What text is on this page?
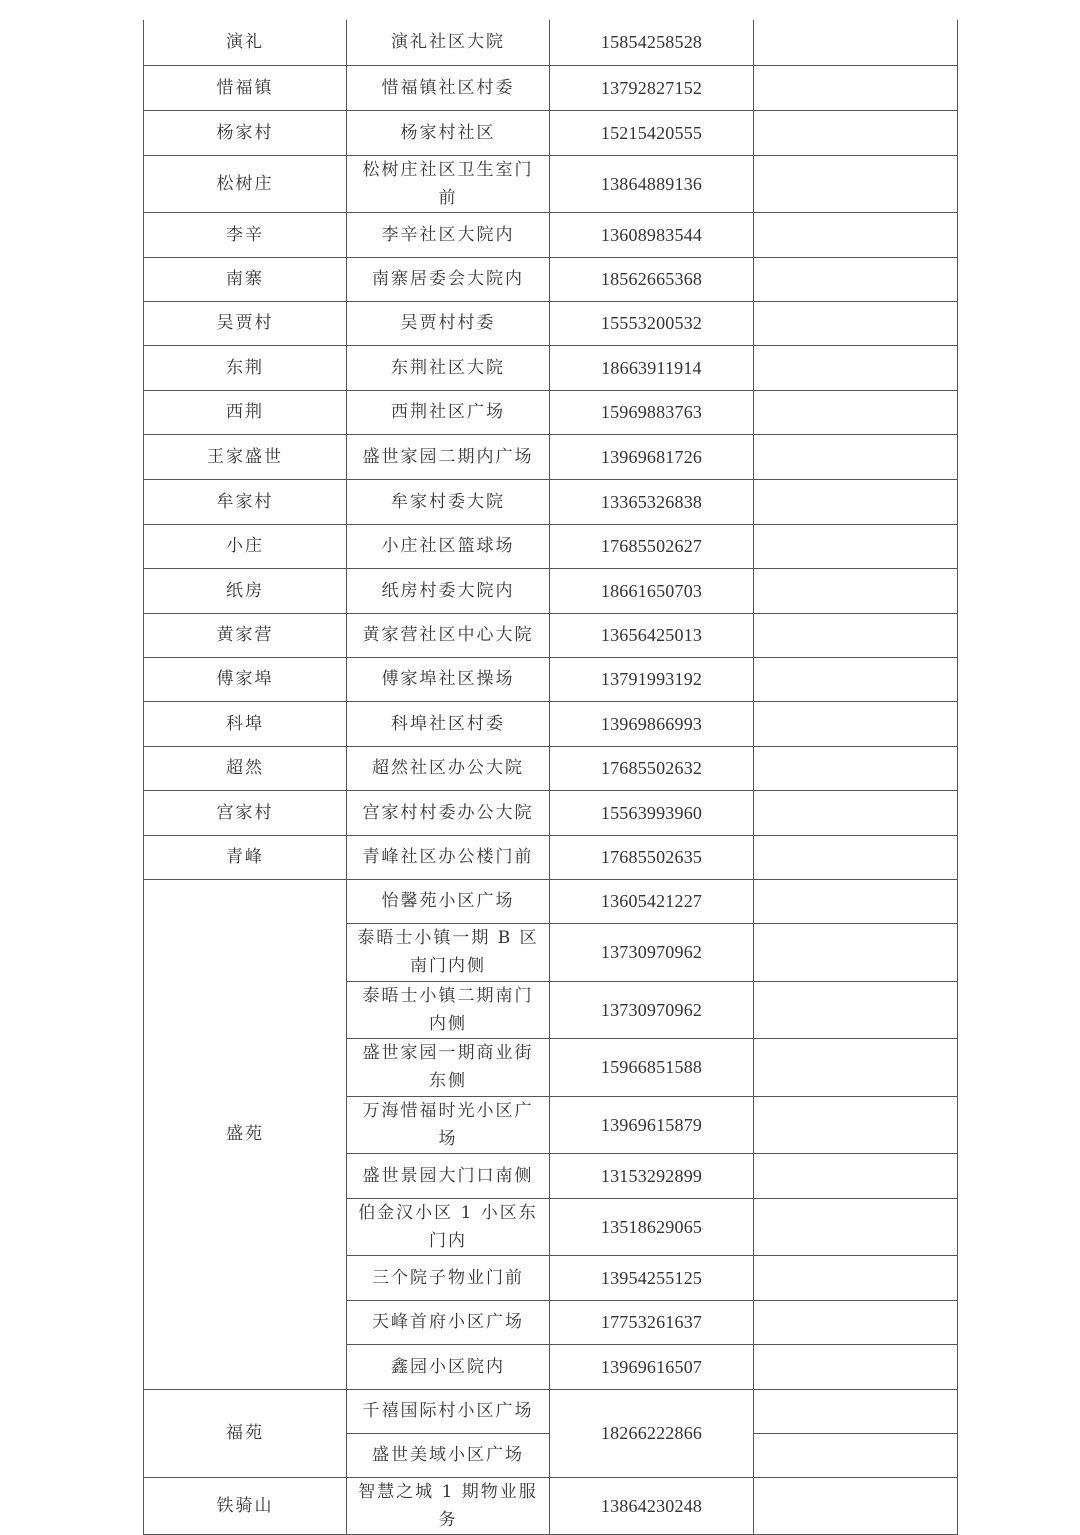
演礼	演礼社区大院	15854258528	
惜福镇	惜福镇社区村委	13792827152	
杨家村	杨家村社区	15215420555	
松树庄	松树庄社区卫生室门前	13864889136	
李辛	李辛社区大院内	13608983544	
南寨	南寨居委会大院内	18562665368	
吴贾村	吴贾村村委	15553200532	
东荆	东荆社区大院	18663911914	
西荆	西荆社区广场	15969883763	
王家盛世	盛世家园二期内广场	13969681726	
牟家村	牟家村委大院	13365326838	
小庄	小庄社区篮球场	17685502627	
纸房	纸房村委大院内	18661650703	
黄家营	黄家营社区中心大院	13656425013	
傅家埠	傅家埠社区操场	13791993192	
科埠	科埠社区村委	13969866993	
超然	超然社区办公大院	17685502632	
宫家村	宫家村村委办公大院	15563993960	
青峰	青峰社区办公楼门前	17685502635	
盛苑	怡馨苑小区广场	13605421227	
	泰晤士小镇一期 B 区南门内侧	13730970962	
	泰晤士小镇二期南门内侧	13730970962	
	盛世家园一期商业街东侧	15966851588	
	万海惜福时光小区广场	13969615879	
	盛世景园大门口南侧	13153292899	
	伯金汉小区 1 小区东门内	13518629065	
	三个院子物业门前	13954255125	
	天峰首府小区广场	17753261637	
	鑫园小区院内	13969616507	
福苑	千禧国际村小区广场	18266222866	
	盛世美域小区广场		
铁骑山	智慧之城 1 期物业服务	13864230248	
